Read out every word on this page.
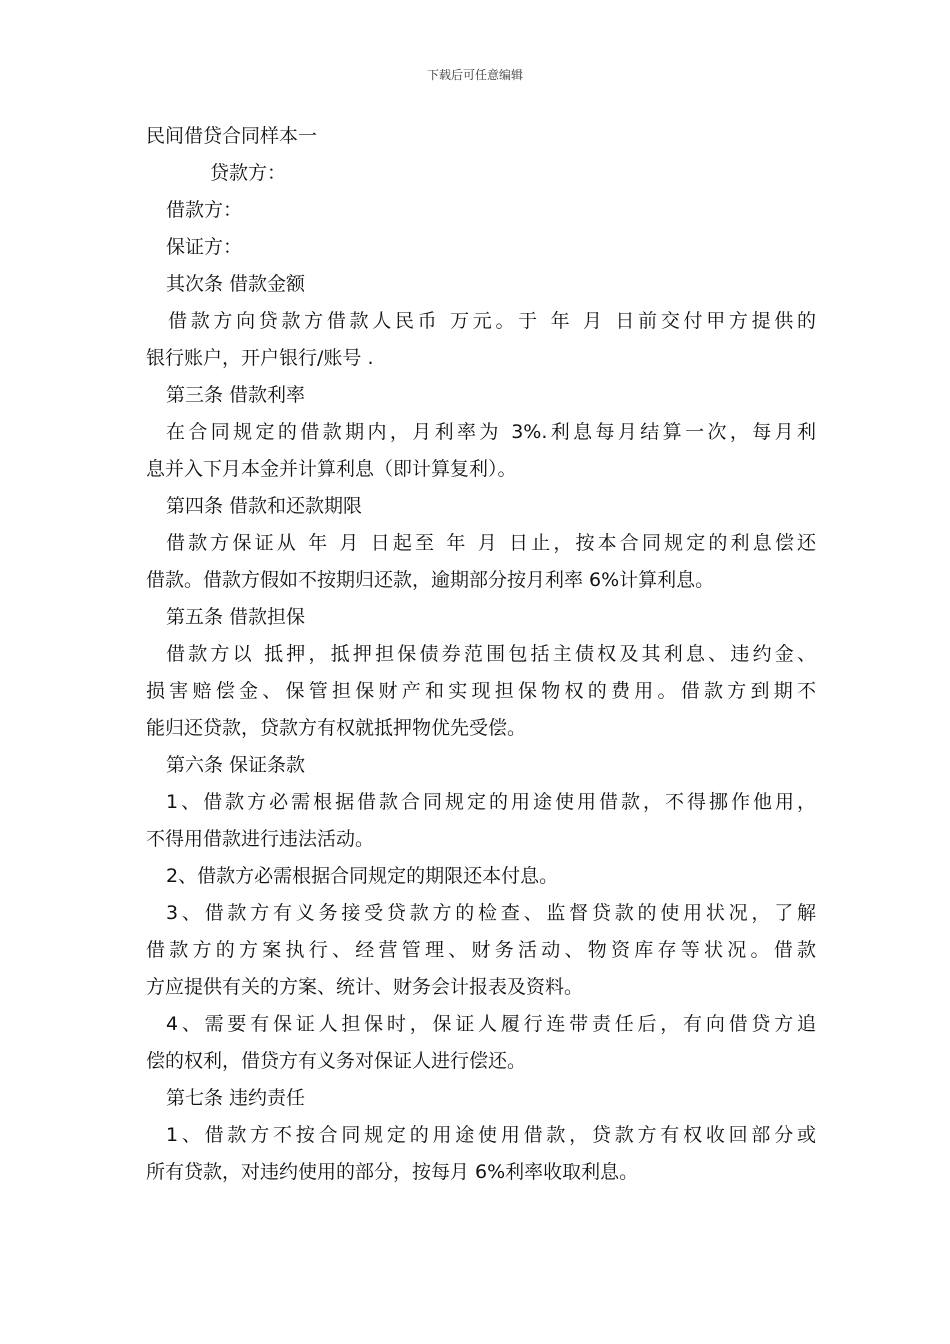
下载后可任意编辑
民间借贷合同样本一
贷款方：
借款方：
保证方：
其次条 借款金额
借款方向贷款方借款人民币 万元。于 年 月 日前交付甲方提供的
银行账户，开户银行/账号 .
第三条 借款利率
在合同规定的借款期内，月利率为 3%.利息每月结算一次，每月利
息并入下月本金并计算利息（即计算复利）。
第四条 借款和还款期限
借款方保证从 年 月 日起至 年 月 日止，按本合同规定的利息偿还
借款。借款方假如不按期归还款，逾期部分按月利率 6%计算利息。
第五条 借款担保
借款方以 抵押，抵押担保债券范围包括主债权及其利息、违约金、
损害赔偿金、保管担保财产和实现担保物权的费用。借款方到期不
能归还贷款，贷款方有权就抵押物优先受偿。
第六条 保证条款
1、借款方必需根据借款合同规定的用途使用借款，不得挪作他用，
不得用借款进行违法活动。
2、借款方必需根据合同规定的期限还本付息。
3、借款方有义务接受贷款方的检查、监督贷款的使用状况，了解
借款方的方案执行、经营管理、财务活动、物资库存等状况。借款
方应提供有关的方案、统计、财务会计报表及资料。
4、需要有保证人担保时，保证人履行连带责任后，有向借贷方追
偿的权利，借贷方有义务对保证人进行偿还。
第七条 违约责任
1、借款方不按合同规定的用途使用借款，贷款方有权收回部分或
所有贷款，对违约使用的部分，按每月 6%利率收取利息。
